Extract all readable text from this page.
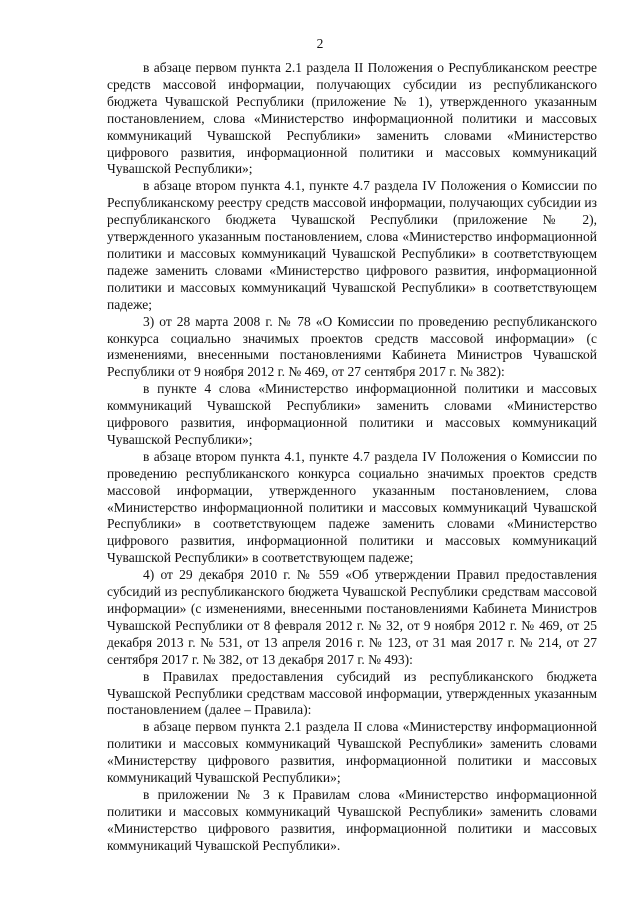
2

в абзаце первом пункта 2.1 раздела II Положения о Республиканском реестре средств массовой информации, получающих субсидии из республиканского бюджета Чувашской Республики (приложение № 1), утвержденного указанным постановлением, слова «Министерство информационной политики и массовых коммуникаций Чувашской Республики» заменить словами «Министерство цифрового развития, информационной политики и массовых коммуникаций Чувашской Республики»;

в абзаце втором пункта 4.1, пункте 4.7 раздела IV Положения о Комиссии по Республиканскому реестру средств массовой информации, получающих субсидии из республиканского бюджета Чувашской Республики (приложение № 2), утвержденного указанным постановлением, слова «Министерство информационной политики и массовых коммуникаций Чувашской Республики» в соответствующем падеже заменить словами «Министерство цифрового развития, информационной политики и массовых коммуникаций Чувашской Республики» в соответствующем падеже;

3) от 28 марта 2008 г. № 78 «О Комиссии по проведению республиканского конкурса социально значимых проектов средств массовой информации» (с изменениями, внесенными постановлениями Кабинета Министров Чувашской Республики от 9 ноября 2012 г. № 469, от 27 сентября 2017 г. № 382):

в пункте 4 слова «Министерство информационной политики и массовых коммуникаций Чувашской Республики» заменить словами «Министерство цифрового развития, информационной политики и массовых коммуникаций Чувашской Республики»;

в абзаце втором пункта 4.1, пункте 4.7 раздела IV Положения о Комиссии по проведению республиканского конкурса социально значимых проектов средств массовой информации, утвержденного указанным постановлением, слова «Министерство информационной политики и массовых коммуникаций Чувашской Республики» в соответствующем падеже заменить словами «Министерство цифрового развития, информационной политики и массовых коммуникаций Чувашской Республики» в соответствующем падеже;

4) от 29 декабря 2010 г. № 559 «Об утверждении Правил предоставления субсидий из республиканского бюджета Чувашской Республики средствам массовой информации» (с изменениями, внесенными постановлениями Кабинета Министров Чувашской Республики от 8 февраля 2012 г. № 32, от 9 ноября 2012 г. № 469, от 25 декабря 2013 г. № 531, от 13 апреля 2016 г. № 123, от 31 мая 2017 г. № 214, от 27 сентября 2017 г. № 382, от 13 декабря 2017 г. № 493):

в Правилах предоставления субсидий из республиканского бюджета Чувашской Республики средствам массовой информации, утвержденных указанным постановлением (далее – Правила):

в абзаце первом пункта 2.1 раздела II слова «Министерству информационной политики и массовых коммуникаций Чувашской Республики» заменить словами «Министерству цифрового развития, информационной политики и массовых коммуникаций Чувашской Республики»;

в приложении № 3 к Правилам слова «Министерство информационной политики и массовых коммуникаций Чувашской Республики» заменить словами «Министерство цифрового развития, информационной политики и массовых коммуникаций Чувашской Республики».
